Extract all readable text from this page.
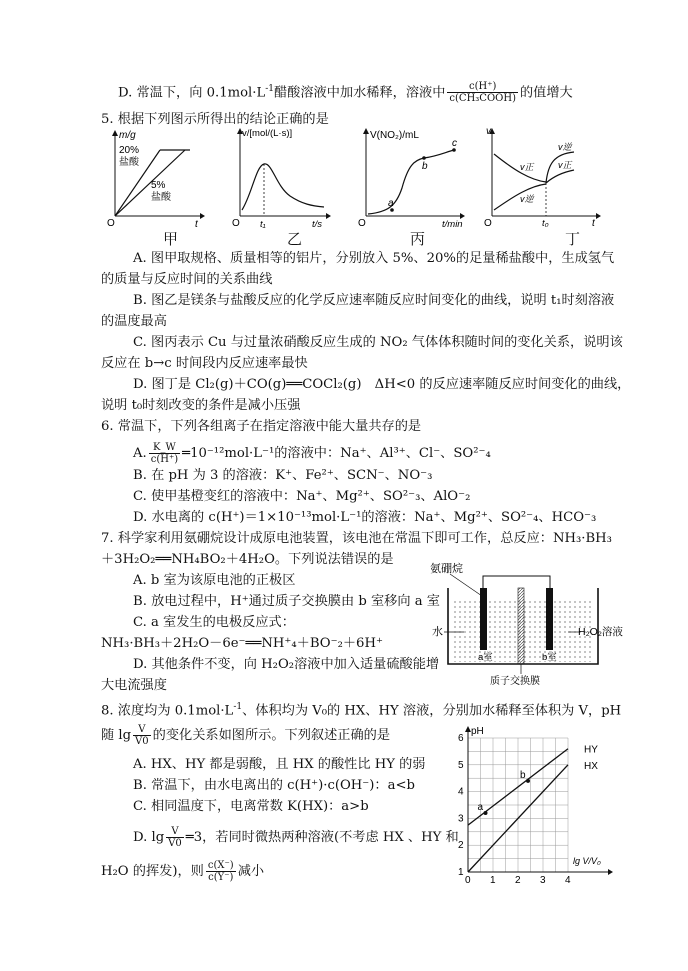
D. 常温下，向 $0.1mol\cdot L^{-1}$醋酸溶液中加水稀释，溶液中 $\frac{c(H^+)}{\text{c(CH₃COOH)}}$ 的值增大
5. 根据下列图示所得出的结论正确的是
m/g
20%
盐酸
5%
盐酸
O	t
甲
v/[mol/(L·s)]
t₁	t/s
O
乙
V(NO₂)/mL
a
b
c
t/min
O
丙
v
v正
v逆
v逆
v正
t₀	t
O
丁
A. 图甲取规格、质量相等的铝片，分别放入 5%、20%的足量稀盐酸中，生成氢气
的质量与反应时间的关系曲线
B. 图乙是镁条与盐酸反应的化学反应速率随反应时间变化的曲线，说明 t₁时刻溶液
的温度最高
C. 图丙表示 Cu 与过量浓硝酸反应生成的 NO₂ 气体体积随时间的变化关系，说明该
反应在 b→c 时间段内反应速率最快
D. 图丁是 Cl₂(g)＋CO(g)══COCl₂(g)　ΔH<0 的反应速率随反应时间变化的曲线，
说明 t₀时刻改变的条件是减小压强
6. 常温下，下列各组离子在指定溶液中能大量共存的是
A. $\frac{K\_W}{c(H^+)}$ ═10⁻¹²mol·L⁻¹的溶液中：Na⁺、Al³⁺、Cl⁻、SO²⁻₄
B. 在 pH 为 3 的溶液：K⁺、Fe²⁺、SCN⁻、NO⁻₃
C. 使甲基橙变红的溶液中：Na⁺、Mg²⁺、SO²⁻₃、AlO⁻₂
D. 水电离的 c(H⁺)＝1×10⁻¹³mol·L⁻¹的溶液：Na⁺、Mg²⁺、SO²⁻₄、HCO⁻₃
7. 科学家利用氨硼烷设计成原电池装置，该电池在常温下即可工作，总反应：NH₃·BH₃
＋3H₂O₂══NH₄BO₂＋4H₂O。下列说法错误的是
A. b 室为该原电池的正极区
B. 放电过程中，H⁺通过质子交换膜由 b 室移向 a 室
C. a 室发生的电极反应式：
NH₃·BH₃＋2H₂O－6e⁻══NH⁺₄＋BO⁻₂＋6H⁺
D. 其他条件不变，向 H₂O₂溶液中加入适量硫酸能增
大电流强度
氨硼烷
水	H₂O₂溶液
a室	b室
质子交换膜
8. 浓度均为 $0.1mol\cdot L^{-1}$、体积均为 V₀的 HX、HY 溶液，分别加水稀释至体积为 V，pH
随 $\lg \frac{V}{V0}$ 的变化关系如图所示。下列叙述正确的是
A. HX、HY 都是弱酸，且 HX 的酸性比 HY 的弱
B. 常温下，由水电离出的 c(H⁺)·c(OH⁻)：a<b
C. 相同温度下，电离常数 K(HX)：a>b
D. $\lg \frac{V}{V0}$ ═3，若同时微热两种溶液(不考虑 HX 、HY 和
H₂O 的挥发)，则 $\frac{c(X^-)}{c(Y^-)}$ 减小
0 1 2 3 4
1
2
3
4
5
6
pH
lg V/V₀
HX
HY
a
b
